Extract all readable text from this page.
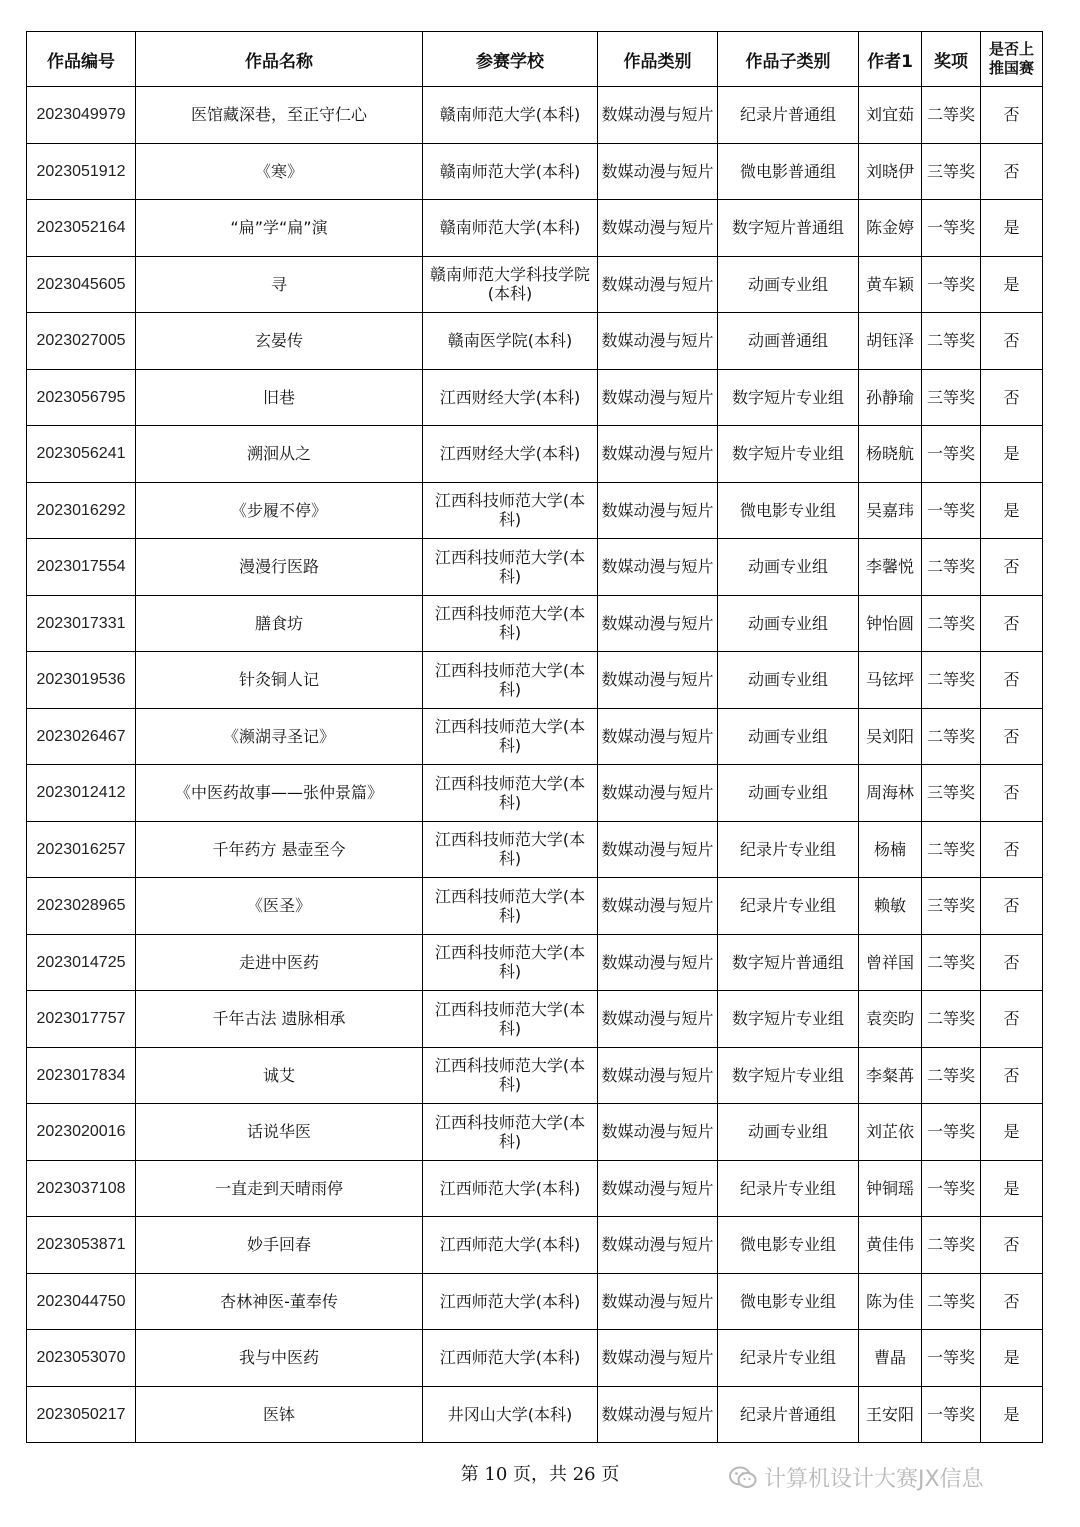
作品编号	作品名称	参赛学校	作品类别	作品子类别	作者1	奖项	是否上推国赛
2023049979	医馆藏深巷，至正守仁心	赣南师范大学(本科)	数媒动漫与短片	纪录片普通组	刘宜茹	二等奖	否
2023051912	《寒》	赣南师范大学(本科)	数媒动漫与短片	微电影普通组	刘晓伊	三等奖	否
2023052164	“扁”学“扁”演	赣南师范大学(本科)	数媒动漫与短片	数字短片普通组	陈金婷	一等奖	是
2023045605	寻	赣南师范大学科技学院(本科)	数媒动漫与短片	动画专业组	黄车颖	一等奖	是
2023027005	玄晏传	赣南医学院(本科)	数媒动漫与短片	动画普通组	胡钰泽	二等奖	否
2023056795	旧巷	江西财经大学(本科)	数媒动漫与短片	数字短片专业组	孙静瑜	三等奖	否
2023056241	溯洄从之	江西财经大学(本科)	数媒动漫与短片	数字短片专业组	杨晓航	一等奖	是
2023016292	《步履不停》	江西科技师范大学(本科)	数媒动漫与短片	微电影专业组	吴嘉玮	一等奖	是
2023017554	漫漫行医路	江西科技师范大学(本科)	数媒动漫与短片	动画专业组	李馨悦	二等奖	否
2023017331	膳食坊	江西科技师范大学(本科)	数媒动漫与短片	动画专业组	钟怡圆	二等奖	否
2023019536	针灸铜人记	江西科技师范大学(本科)	数媒动漫与短片	动画专业组	马铉坪	二等奖	否
2023026467	《濒湖寻圣记》	江西科技师范大学(本科)	数媒动漫与短片	动画专业组	吴刘阳	二等奖	否
2023012412	《中医药故事——张仲景篇》	江西科技师范大学(本科)	数媒动漫与短片	动画专业组	周海林	三等奖	否
2023016257	千年药方 悬壶至今	江西科技师范大学(本科)	数媒动漫与短片	纪录片专业组	杨楠	二等奖	否
2023028965	《医圣》	江西科技师范大学(本科)	数媒动漫与短片	纪录片专业组	赖敏	三等奖	否
2023014725	走进中医药	江西科技师范大学(本科)	数媒动漫与短片	数字短片普通组	曾祥国	二等奖	否
2023017757	千年古法 遗脉相承	江西科技师范大学(本科)	数媒动漫与短片	数字短片专业组	袁奕昀	二等奖	否
2023017834	诚艾	江西科技师范大学(本科)	数媒动漫与短片	数字短片专业组	李粲苒	二等奖	否
2023020016	话说华医	江西科技师范大学(本科)	数媒动漫与短片	动画专业组	刘芷依	一等奖	是
2023037108	一直走到天晴雨停	江西师范大学(本科)	数媒动漫与短片	纪录片专业组	钟铜瑶	一等奖	是
2023053871	妙手回春	江西师范大学(本科)	数媒动漫与短片	微电影专业组	黄佳伟	二等奖	否
2023044750	杏林神医-董奉传	江西师范大学(本科)	数媒动漫与短片	微电影专业组	陈为佳	二等奖	否
2023053070	我与中医药	江西师范大学(本科)	数媒动漫与短片	纪录片专业组	曹晶	一等奖	是
2023050217	医钵	井冈山大学(本科)	数媒动漫与短片	纪录片普通组	王安阳	一等奖	是
第 10 页，共 26 页	计算机设计大赛JX信息
